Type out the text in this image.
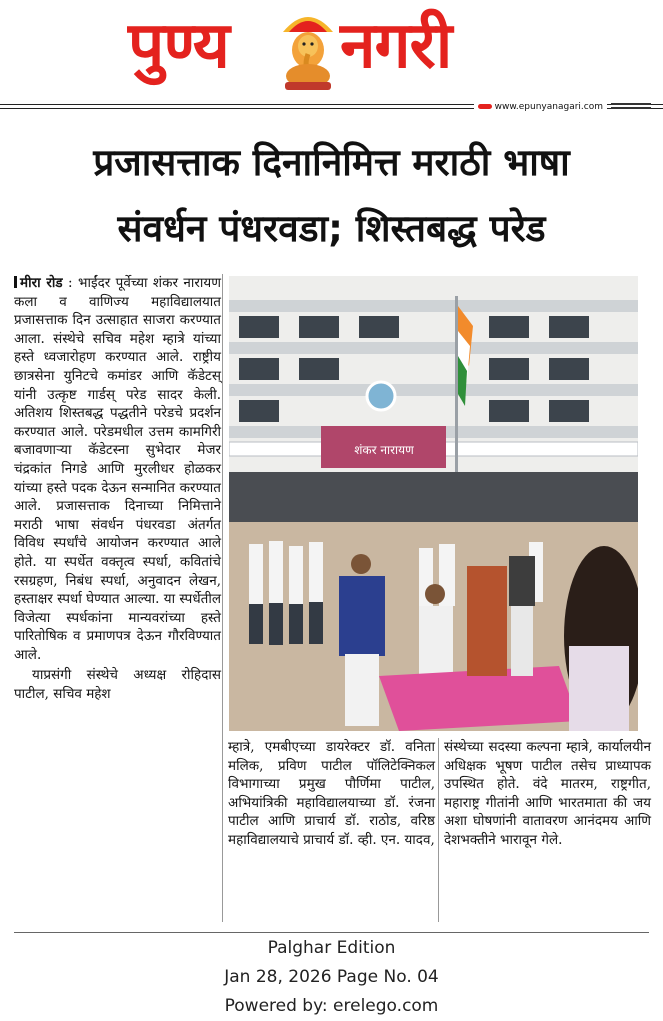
पुण्य नगरी
www.epunyanagari.com
प्रजासत्ताक दिनानिमित्त मराठी भाषा
संवर्धन पंधरवडा; शिस्तबद्ध परेड
मीरा रोड : भाईंदर पूर्वेच्या शंकर नारायण कला व वाणिज्य महाविद्यालयात प्रजासत्ताक दिन उत्साहात साजरा करण्यात आला. संस्थेचे सचिव महेश म्हात्रे यांच्या हस्ते ध्वजारोहण करण्यात आले. राष्ट्रीय छात्रसेना युनिटचे कमांडर आणि कॅडेटस्‌ यांनी उत्कृष्ट गार्डस्‌ परेड सादर केली. अतिशय शिस्तबद्ध पद्धतीने परेडचे प्रदर्शन करण्यात आले. परेडमधील उत्तम कामगिरी बजावणाऱ्या कॅडेटस्ना सुभेदार मेजर चंद्रकांत निगडे आणि मुरलीधर होळकर यांच्या हस्ते पदक देऊन सन्मानित करण्यात आले. प्रजासत्ताक दिनाच्या निमित्ताने मराठी भाषा संवर्धन पंधरवडा अंतर्गत विविध स्पर्धांचे आयोजन करण्यात आले होते. या स्पर्धेत वक्तृत्व स्पर्धा, कवितांचे रसग्रहण, निबंध स्पर्धा, अनुवादन लेखन, हस्ताक्षर स्पर्धा घेण्यात आल्या. या स्पर्धेतील विजेत्या स्पर्धकांना मान्यवरांच्या हस्ते पारितोषिक व प्रमाणपत्र देऊन गौरविण्यात आले.
याप्रसंगी संस्थेचे अध्यक्ष रोहिदास पाटील, सचिव महेश
शंकर नारायण
म्हात्रे, एमबीएच्या डायरेक्टर डॉ. वनिता मलिक, प्रविण पाटील पॉलिटेक्निकल विभागाच्या प्रमुख पौर्णिमा पाटील, अभियांत्रिकी महाविद्यालयाच्या डॉ. रंजना पाटील आणि प्राचार्य डॉ. राठोड, वरिष्ठ महाविद्यालयाचे प्राचार्य डॉ. व्ही. एन. यादव,
संस्थेच्या सदस्या कल्पना म्हात्रे, कार्यालयीन अधिक्षक भूषण पाटील तसेच प्राध्यापक उपस्थित होते. वंदे मातरम, राष्ट्रगीत, महाराष्ट्र गीतांनी आणि भारतमाता की जय अशा घोषणांनी वातावरण आनंदमय आणि देशभक्तीने भारावून गेले.
Palghar Edition
Jan 28, 2026 Page No. 04
Powered by: erelego.com
